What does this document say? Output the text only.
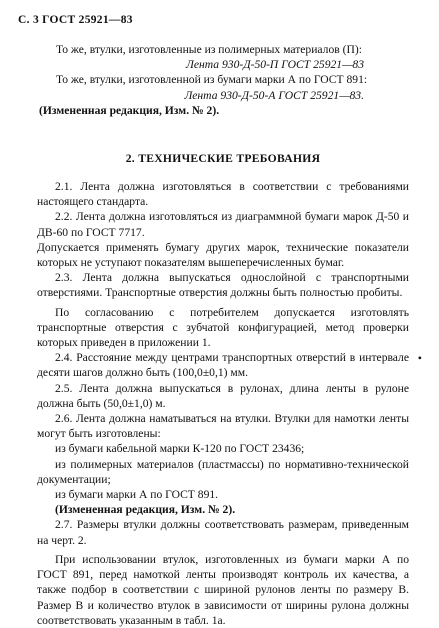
С. 3 ГОСТ 25921—83

То же, втулки, изготовленные из полимерных материалов (П):

Лента 930-Д-50-П ГОСТ 25921—83

То же, втулки, изготовленной из бумаги марки А по ГОСТ 891:

Лента 930-Д-50-А ГОСТ 25921—83.

(Измененная редакция, Изм. № 2).

2. ТЕХНИЧЕСКИЕ ТРЕБОВАНИЯ

2.1. Лента должна изготовляться в соответствии с требованиями настоящего стандарта.

2.2. Лента должна изготовляться из диаграммной бумаги марок Д-50 и ДВ-60 по ГОСТ 7717.

Допускается применять бумагу других марок, технические показатели которых не уступают показателям вышеперечисленных бумаг.

2.3. Лента должна выпускаться однослойной с транспортными отверстиями. Транспортные отверстия должны быть полностью пробиты.

По согласованию с потребителем допускается изготовлять транспортные отверстия с зубчатой конфигурацией, метод проверки которых приведен в приложении 1.

2.4. Расстояние между центрами транспортных отверстий в интервале десяти шагов должно быть (100,0±0,1) мм.

2.5. Лента должна выпускаться в рулонах, длина ленты в рулоне должна быть (50,0±1,0) м.

2.6. Лента должна наматываться на втулки. Втулки для намотки ленты могут быть изготовлены:

из бумаги кабельной марки К-120 по ГОСТ 23436;

из полимерных материалов (пластмассы) по нормативно-технической документации;

из бумаги марки А по ГОСТ 891.

(Измененная редакция, Изм. № 2).

2.7. Размеры втулки должны соответствовать размерам, приведенным на черт. 2.

При использовании втулок, изготовленных из бумаги марки А по ГОСТ 891, перед намоткой ленты производят контроль их качества, а также подбор в соответствии с шириной рулонов ленты по размеру B. Размер B и количество втулок в зависимости от ширины рулона должны соответствовать указанным в табл. 1а.

•
